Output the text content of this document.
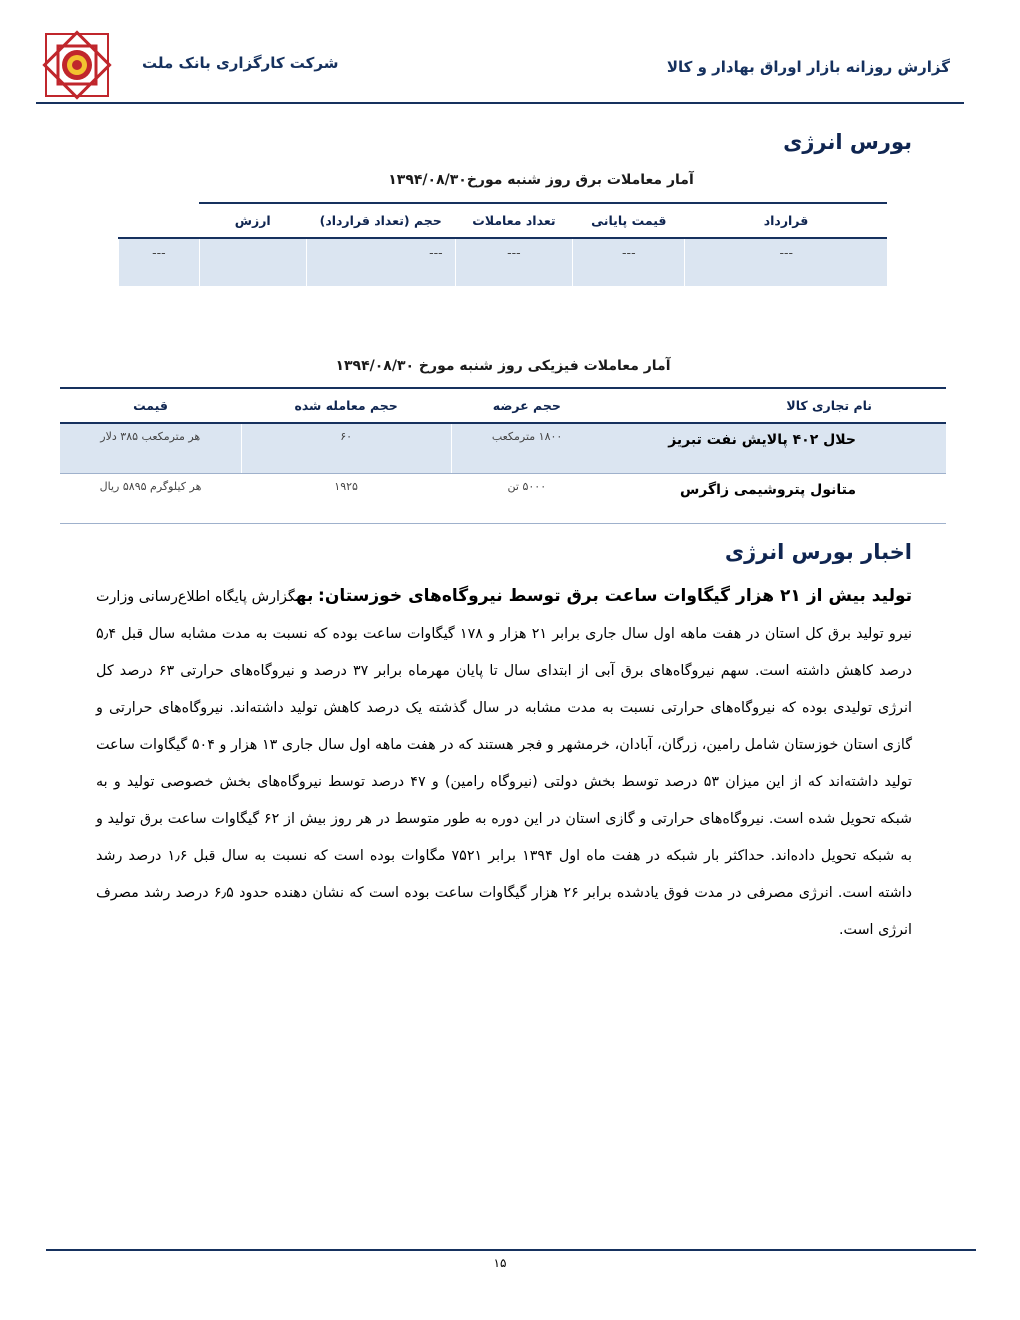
شرکت کارگزاری بانک ملت	گزارش روزانه بازار اوراق بهادار و کالا
بورس انرژی
آمار معاملات برق روز شنبه مورخ۱۳۹۴/۰۸/۳۰
قرارداد	قیمت پایانی	تعداد معاملات	حجم (تعداد قرارداد)	ارزش	
---	---	---	---		---
آمار معاملات فیزیکی روز شنبه مورخ ۱۳۹۴/۰۸/۳۰
نام تجاری کالا	حجم عرضه	حجم معامله شده	قیمت
حلال ۴۰۲ پالایش نفت تبریز	۱۸۰۰ مترمکعب	۶۰	هر مترمکعب ۳۸۵ دلار
متانول پتروشیمی زاگرس	۵۰۰۰ تن	۱۹۲۵	هر کیلوگرم ۵۸۹۵ ریال
اخبار بورس انرژی
تولید بیش از ۲۱ هزار گیگاوات ساعت برق توسط نیروگاه‌های خوزستان: بهگزارش پایگاه اطلاع‌رسانی وزارت نیرو تولید برق کل استان در هفت ماهه اول سال جاری برابر ۲۱ هزار و ۱۷۸ گیگاوات ساعت بوده که نسبت به مدت مشابه سال قبل ۵٫۴ درصد کاهش داشته است. سهم نیروگاه‌های برق آبی از ابتدای سال تا پایان مهرماه برابر ۳۷ درصد و نیروگاه‌های حرارتی ۶۳ درصد کل انرژی تولیدی بوده که نیروگاه‌های حرارتی نسبت به مدت مشابه در سال گذشته یک درصد کاهش تولید داشته‌اند. نیروگاه‌های حرارتی و گازی استان خوزستان شامل رامین، زرگان، آبادان، خرمشهر و فجر هستند که در هفت ماهه اول سال جاری ۱۳ هزار و ۵۰۴ گیگاوات ساعت تولید داشته‌اند که از این میزان ۵۳ درصد توسط بخش دولتی (نیروگاه رامین) و ۴۷ درصد توسط نیروگاه‌های بخش خصوصی تولید و به شبکه تحویل شده است. نیروگاه‌های حرارتی و گازی استان در این دوره به طور متوسط در هر روز بیش از ۶۲ گیگاوات ساعت برق تولید و به شبکه تحویل داده‌اند. حداکثر بار شبکه در هفت ماه اول ۱۳۹۴ برابر ۷۵۲۱ مگاوات بوده است که نسبت به سال قبل ۱٫۶ درصد رشد داشته است. انرژی مصرفی در مدت فوق یادشده برابر ۲۶ هزار گیگاوات ساعت بوده است که نشان دهنده حدود ۶٫۵ درصد رشد مصرف انرژی است.
۱۵
